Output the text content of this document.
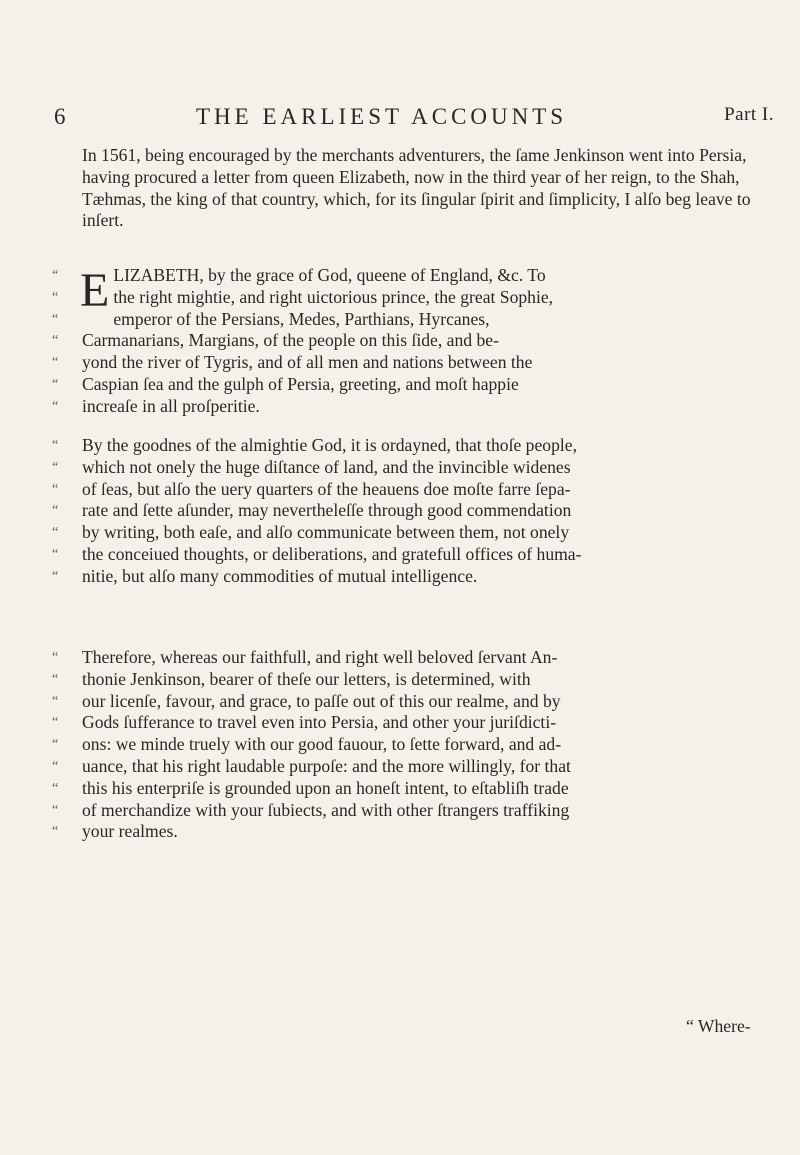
6	THE EARLIEST ACCOUNTS	Part I.

In 1561, being encouraged by the merchants adventurers, the ſame Jenkinson went into Persia, having procured a letter from queen Elizabeth, now in the third year of her reign, to the Shah, Tæhmas, the king of that country, which, for its ſingular ſpirit and ſimplicity, I alſo beg leave to inſert.

“ E LIZABETH, by the grace of God, queene of England, &c. To
“	the right mightie, and right uictorious prince, the great Sophie,
“	emperor of the Persians, Medes, Parthians, Hyrcanes,
“ Carmanarians, Margians, of the people on this ſide, and be-
“ yond the river of Tygris, and of all men and nations between the
“ Caspian ſea and the gulph of Persia, greeting, and moſt happie
“ increaſe in all proſperitie.
“ By the goodnes of the almightie God, it is ordayned, that thoſe people,
“ which not onely the huge diſtance of land, and the invincible widenes
“ of ſeas, but alſo the uery quarters of the heauens doe moſte farre ſepa-
“ rate and ſette aſunder, may nevertheleſſe through good commendation
“ by writing, both eaſe, and alſo communicate between them, not onely
“ the conceiued thoughts, or deliberations, and gratefull offices of huma-
“ nitie, but alſo many commodities of mutual intelligence.
“ Therefore, whereas our faithfull, and right well beloved ſervant An-
“ thonie Jenkinson, bearer of theſe our letters, is determined, with
“ our licenſe, favour, and grace, to paſſe out of this our realme, and by
“ Gods ſufferance to travel even into Persia, and other your juriſdicti-
“ ons: we minde truely with our good fauour, to ſette forward, and ad-
“ uance, that his right laudable purpoſe: and the more willingly, for that
“ this his enterpriſe is grounded upon an honeſt intent, to eſtabliſh trade
“ of merchandize with your ſubiects, and with other ſtrangers traffiking
“ your realmes.
“ Where-
